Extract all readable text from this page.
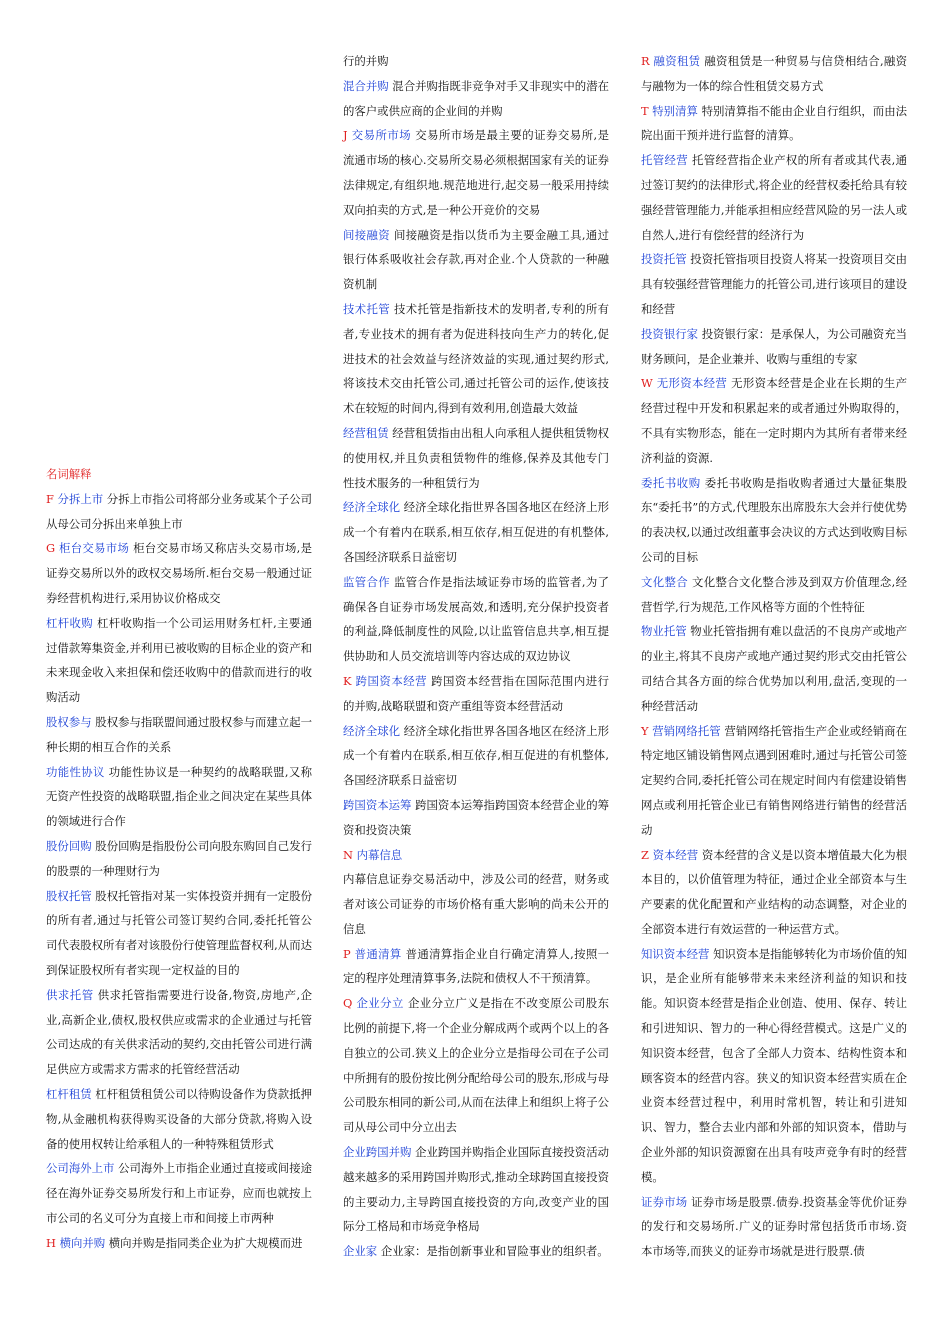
名词解释
F 分拆上市 分拆上市指公司将部分业务或某个子公司从母公司分拆出来单独上市
G 柜台交易市场 柜台交易市场又称店头交易市场,是证券交易所以外的政权交易场所.柜台交易一般通过证券经营机构进行,采用协议价格成交
杠杆收购 杠杆收购指一个公司运用财务杠杆,主要通过借款筹集资金,并利用已被收购的目标企业的资产和未来现金收入来担保和偿还收购中的借款而进行的收购活动
股权参与 股权参与指联盟间通过股权参与而建立起一种长期的相互合作的关系
功能性协议 功能性协议是一种契约的战略联盟,又称无资产性投资的战略联盟,指企业之间决定在某些具体的领域进行合作
股份回购 股份回购是指股份公司向股东购回自己发行的股票的一种理财行为
股权托管 股权托管指对某一实体投资并拥有一定股份的所有者,通过与托管公司签订契约合同,委托托管公司代表股权所有者对该股份行使管理监督权利,从而达到保证股权所有者实现一定权益的目的
供求托管 供求托管指需要进行设备,物资,房地产,企业,高新企业,债权,股权供应或需求的企业通过与托管公司达成的有关供求活动的契约,交由托管公司进行满足供应方或需求方需求的托管经营活动
杠杆租赁 杠杆租赁租赁公司以待购设备作为贷款抵押物,从金融机构获得购买设备的大部分贷款,将购入设备的使用权转让给承租人的一种特殊租赁形式
公司海外上市 公司海外上市指企业通过直接或间接途径在海外证券交易所发行和上市证券，应而也就按上市公司的名义可分为直接上市和间接上市两种
H 横向并购 横向并购是指同类企业为扩大规模而进
行的并购
混合并购 混合并购指既非竞争对手又非现实中的潜在的客户或供应商的企业间的并购
J 交易所市场 交易所市场是最主要的证券交易所,是流通市场的核心.交易所交易必须根据国家有关的证券法律规定,有组织地.规范地进行,起交易一般采用持续双向拍卖的方式,是一种公开竞价的交易
间接融资 间接融资是指以货币为主要金融工具,通过银行体系吸收社会存款,再对企业.个人贷款的一种融资机制
技术托管 技术托管是指新技术的发明者,专利的所有者,专业技术的拥有者为促进科技向生产力的转化,促进技术的社会效益与经济效益的实现,通过契约形式,将该技术交由托管公司,通过托管公司的运作,使该技术在较短的时间内,得到有效利用,创造最大效益
经营租赁 经营租赁指由出租人向承租人提供租赁物权的使用权,并且负责租赁物件的维修,保养及其他专门性技术服务的一种租赁行为
经济全球化 经济全球化指世界各国各地区在经济上形成一个有着内在联系,相互依存,相互促进的有机整体,各国经济联系日益密切
监管合作 监管合作是指法域证券市场的监管者,为了确保各自证券市场发展高效,和透明,充分保护投资者的利益,降低制度性的风险,以让监管信息共享,相互提供协助和人员交流培训等内容达成的双边协议
K 跨国资本经营 跨国资本经营指在国际范围内进行的并购,战略联盟和资产重组等资本经营活动
经济全球化 经济全球化指世界各国各地区在经济上形成一个有着内在联系,相互依存,相互促进的有机整体,各国经济联系日益密切
跨国资本运筹 跨国资本运筹指跨国资本经营企业的筹资和投资决策
N 内幕信息
内幕信息证券交易活动中，涉及公司的经营，财务或者对该公司证券的市场价格有重大影响的尚未公开的信息
P 普通清算 普通清算指企业自行确定清算人,按照一定的程序处理清算事务,法院和债权人不干预清算。
Q 企业分立 企业分立广义是指在不改变原公司股东比例的前提下,将一个企业分解成两个或两个以上的各自独立的公司.狭义上的企业分立是指母公司在子公司中所拥有的股份按比例分配给母公司的股东,形成与母公司股东相同的新公司,从而在法律上和组织上将子公司从母公司中分立出去
企业跨国并购 企业跨国并购指企业国际直接投资活动越来越多的采用跨国并购形式,推动全球跨国直接投资的主要动力,主导跨国直接投资的方向,改变产业的国际分工格局和市场竞争格局
企业家 企业家：是指创新事业和冒险事业的组织者。
R 融资租赁 融资租赁是一种贸易与信贷相结合,融资与融物为一体的综合性租赁交易方式
T 特别清算 特别清算指不能由企业自行组织，而由法院出面干预并进行监督的清算。
托管经营 托管经营指企业产权的所有者或其代表,通过签订契约的法律形式,将企业的经营权委托给具有较强经营管理能力,并能承担相应经营风险的另一法人或自然人,进行有偿经营的经济行为
投资托管 投资托管指项目投资人将某一投资项目交由具有较强经营管理能力的托管公司,进行该项目的建设和经营
投资银行家 投资银行家：是承保人，为公司融资充当财务顾问，是企业兼并、收购与重组的专家
W 无形资本经营 无形资本经营是企业在长期的生产经营过程中开发和积累起来的或者通过外购取得的，不具有实物形态，能在一定时期内为其所有者带来经济利益的资源.
委托书收购 委托书收购是指收购者通过大量征集股东“委托书”的方式,代理股东出席股东大会并行使优势的表决权,以通过改组董事会决议的方式达到收购目标公司的目标
文化整合 文化整合文化整合涉及到双方价值理念,经营哲学,行为规范,工作风格等方面的个性特征
物业托管 物业托管指拥有难以盘活的不良房产或地产的业主,将其不良房产或地产通过契约形式交由托管公司结合其各方面的综合优势加以利用,盘活,变现的一种经营活动
Y 营销网络托管 营销网络托管指生产企业或经销商在特定地区铺设销售网点遇到困难时,通过与托管公司签定契约合同,委托托管公司在规定时间内有偿建设销售网点或利用托管企业已有销售网络进行销售的经营活动
Z 资本经营 资本经营的含义是以资本增值最大化为根本目的，以价值管理为特征，通过企业全部资本与生产要素的优化配置和产业结构的动态调整，对企业的全部资本进行有效运营的一种运营方式。
知识资本经营 知识资本是指能够转化为市场价值的知识，是企业所有能够带来未来经济利益的知识和技能。知识资本经营是指企业创造、使用、保存、转让和引进知识、智力的一种心得经营模式。这是广义的知识资本经营，包含了全部人力资本、结构性资本和顾客资本的经营内容。狭义的知识资本经营实质在企业资本经营过程中，利用时常机智，转让和引进知识、智力，整合去业内部和外部的知识资本，借助与企业外部的知识资源窗在出具有吱声竞争有时的经营模。
证券市场 证券市场是股票.债券.投资基金等优价证券的发行和交易场所.广义的证券时常包括货币市场.资本市场等,而狭义的证券市场就是进行股票.债
